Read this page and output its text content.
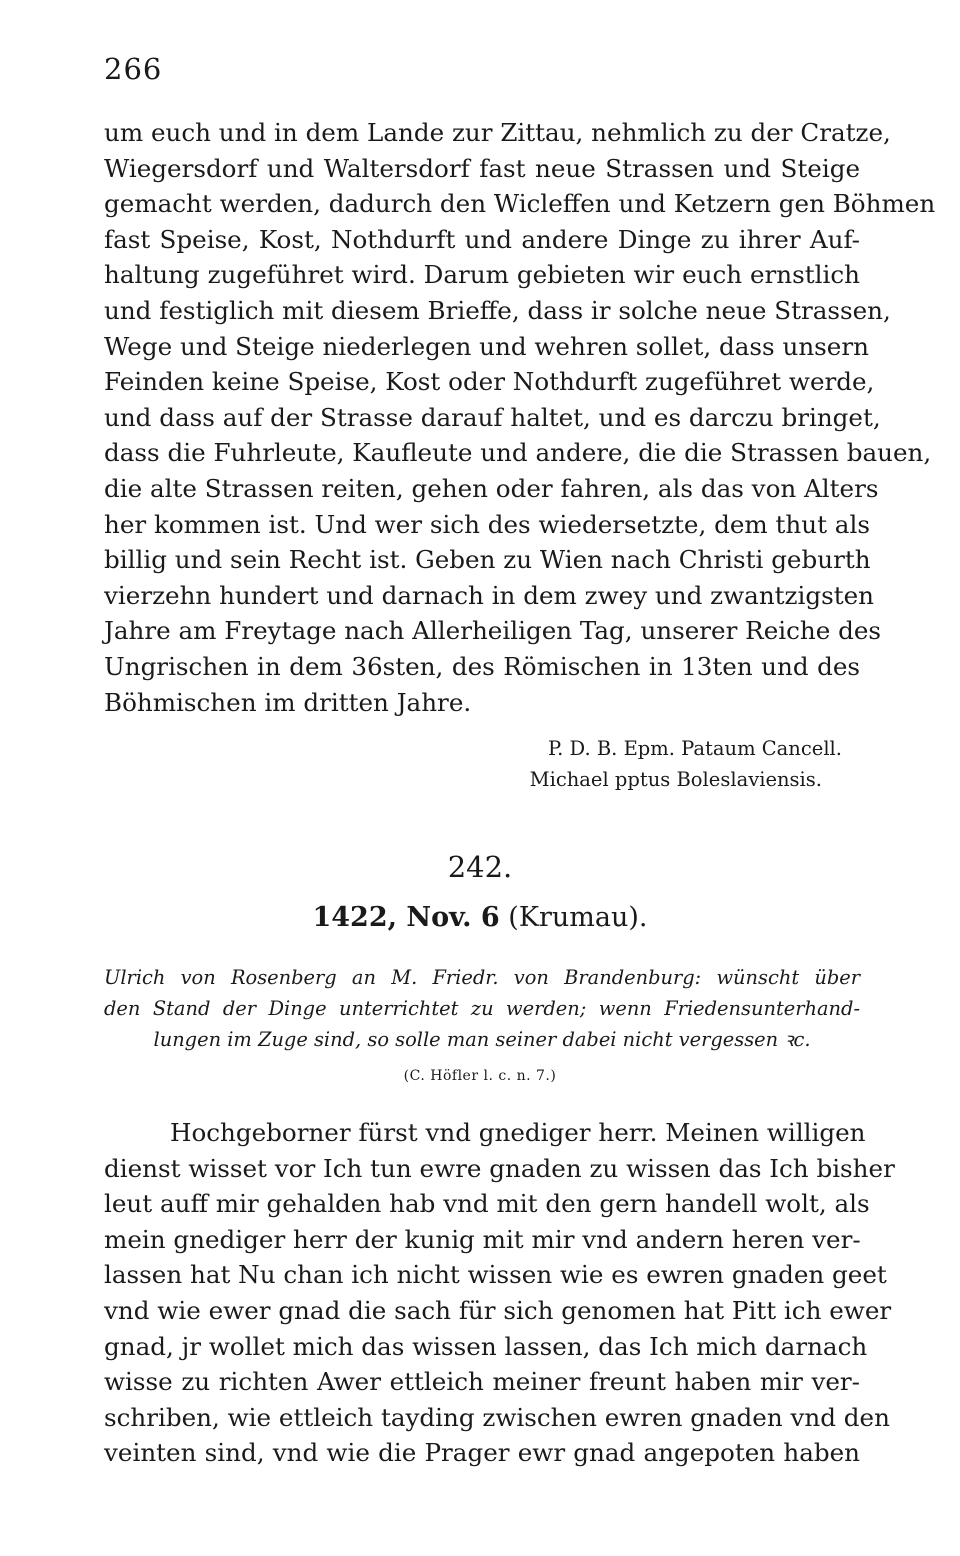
266
um euch und in dem Lande zur Zittau, nehmlich zu der Cratze,
Wiegersdorf und Waltersdorf fast neue Strassen und Steige
gemacht werden, dadurch den Wicleffen und Ketzern gen Böhmen
fast Speise, Kost, Nothdurft und andere Dinge zu ihrer Auf-
haltung zugeführet wird. Darum gebieten wir euch ernstlich
und festiglich mit diesem Brieffe, dass ir solche neue Strassen,
Wege und Steige niederlegen und wehren sollet, dass unsern
Feinden keine Speise, Kost oder Nothdurft zugeführet werde,
und dass auf der Strasse darauf haltet, und es darczu bringet,
dass die Fuhrleute, Kaufleute und andere, die die Strassen bauen,
die alte Strassen reiten, gehen oder fahren, als das von Alters
her kommen ist. Und wer sich des wiedersetzte, dem thut als
billig und sein Recht ist. Geben zu Wien nach Christi geburth
vierzehn hundert und darnach in dem zwey und zwantzigsten
Jahre am Freytage nach Allerheiligen Tag, unserer Reiche des
Ungrischen in dem 36sten, des Römischen in 13ten und des
Böhmischen im dritten Jahre.
P. D. B. Epm. Pataum Cancell.
Michael pptus Boleslaviensis.
242.
1422, Nov. 6 (Krumau).
Ulrich von Rosenberg an M. Friedr. von Brandenburg: wünscht über
den Stand der Dinge unterrichtet zu werden; wenn Friedensunterhand-
lungen im Zuge sind, so solle man seiner dabei nicht vergessen ꝛc.
(C. Höfler l. c. n. 7.)
Hochgeborner fürst vnd gnediger herr. Meinen willigen
dienst wisset vor Ich tun ewre gnaden zu wissen das Ich bisher
leut auff mir gehalden hab vnd mit den gern handell wolt, als
mein gnediger herr der kunig mit mir vnd andern heren ver-
lassen hat Nu chan ich nicht wissen wie es ewren gnaden geet
vnd wie ewer gnad die sach für sich genomen hat Pitt ich ewer
gnad, jr wollet mich das wissen lassen, das Ich mich darnach
wisse zu richten Awer ettleich meiner freunt haben mir ver-
schriben, wie ettleich tayding zwischen ewren gnaden vnd den
veinten sind, vnd wie die Prager ewr gnad angepoten haben
